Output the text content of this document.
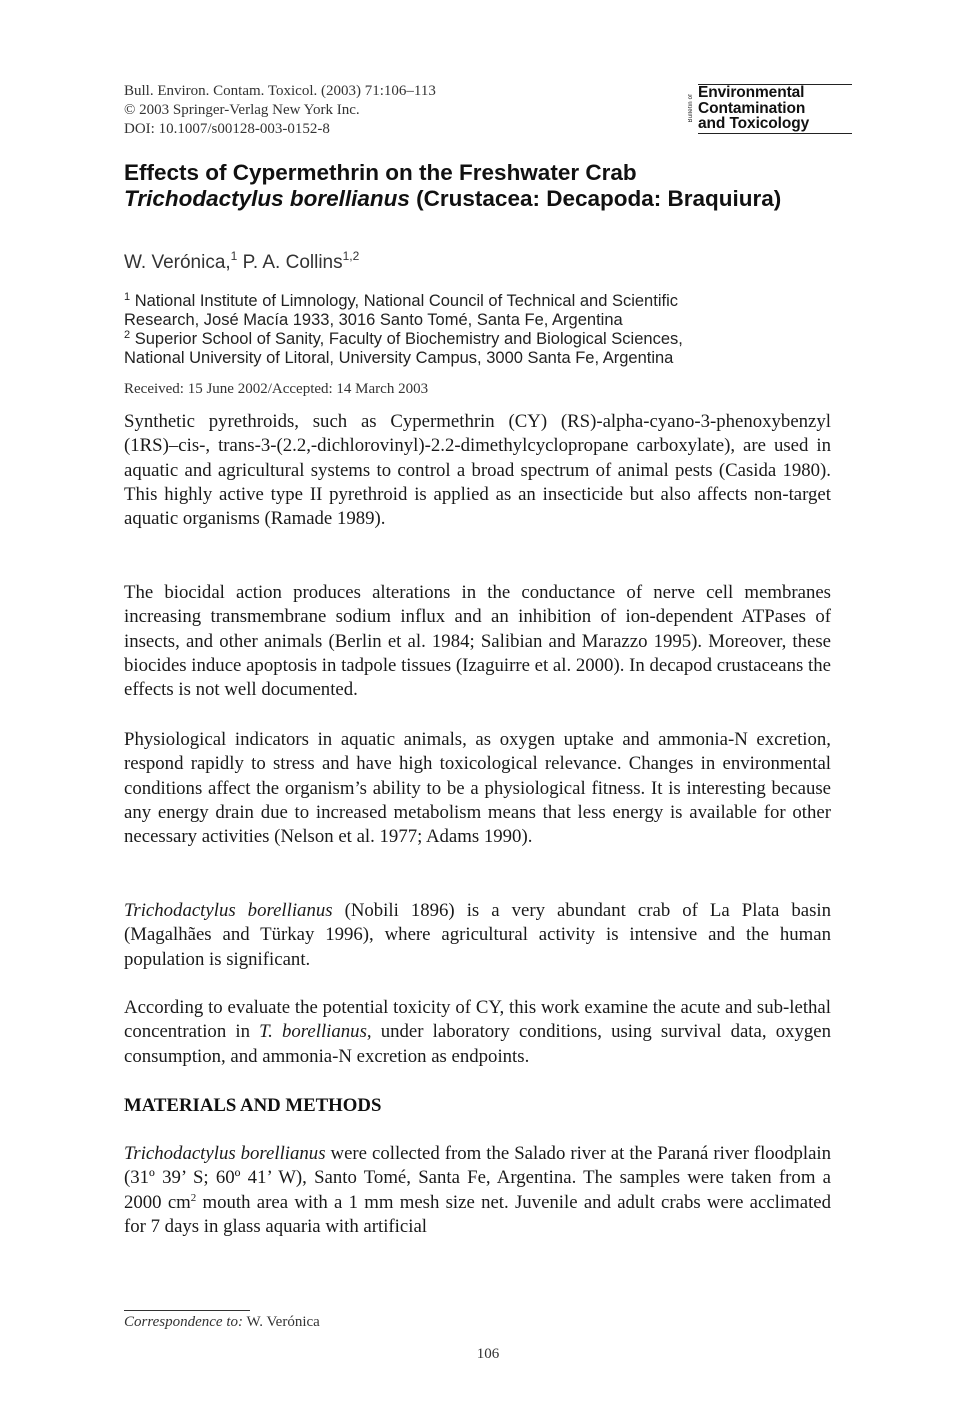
Bull. Environ. Contam. Toxicol. (2003) 71:106–113
© 2003 Springer-Verlag New York Inc.
DOI: 10.1007/s00128-003-0152-8
Bulletin of
Environmental
Contamination
and Toxicology
Effects of Cypermethrin on the Freshwater Crab
Trichodactylus borellianus (Crustacea: Decapoda: Braquiura)
W. Verónica,$^1$ P. A. Collins$^{1,2}$
$^1$ National Institute of Limnology, National Council of Technical and Scientific
Research, José Macía 1933, 3016 Santo Tomé, Santa Fe, Argentina
$^2$ Superior School of Sanity, Faculty of Biochemistry and Biological Sciences,
National University of Litoral, University Campus, 3000 Santa Fe, Argentina
Received: 15 June 2002/Accepted: 14 March 2003

Synthetic pyrethroids, such as Cypermethrin (CY) (RS)-alpha-cyano-3-phenoxybenzyl (1RS)–cis-, trans-3-(2.2,-dichlorovinyl)-2.2-dimethylcyclopropane carboxylate), are used in aquatic and agricultural systems to control a broad spectrum of animal pests (Casida 1980). This highly active type II pyrethroid is applied as an insecticide but also affects non-target aquatic organisms (Ramade 1989).

The biocidal action produces alterations in the conductance of nerve cell membranes increasing transmembrane sodium influx and an inhibition of ion-dependent ATPases of insects, and other animals (Berlin et al. 1984; Salibian and Marazzo 1995). Moreover, these biocides induce apoptosis in tadpole tissues (Izaguirre et al. 2000). In decapod crustaceans the effects is not well documented.

Physiological indicators in aquatic animals, as oxygen uptake and ammonia-N excretion, respond rapidly to stress and have high toxicological relevance. Changes in environmental conditions affect the organism’s ability to be a physiological fitness. It is interesting because any energy drain due to increased metabolism means that less energy is available for other necessary activities (Nelson et al. 1977; Adams 1990).

Trichodactylus borellianus (Nobili 1896) is a very abundant crab of La Plata basin (Magalhães and Türkay 1996), where agricultural activity is intensive and the human population is significant.

According to evaluate the potential toxicity of CY, this work examine the acute and sub-lethal concentration in T. borellianus, under laboratory conditions, using survival data, oxygen consumption, and ammonia-N excretion as endpoints.

MATERIALS AND METHODS

Trichodactylus borellianus were collected from the Salado river at the Paraná river floodplain (31º 39’ S; 60º 41’ W), Santo Tomé, Santa Fe, Argentina. The samples were taken from a 2000 $cm^2$ mouth area with a 1 mm mesh size net. Juvenile and adult crabs were acclimated for 7 days in glass aquaria with artificial

Correspondence to: W. Verónica
106
